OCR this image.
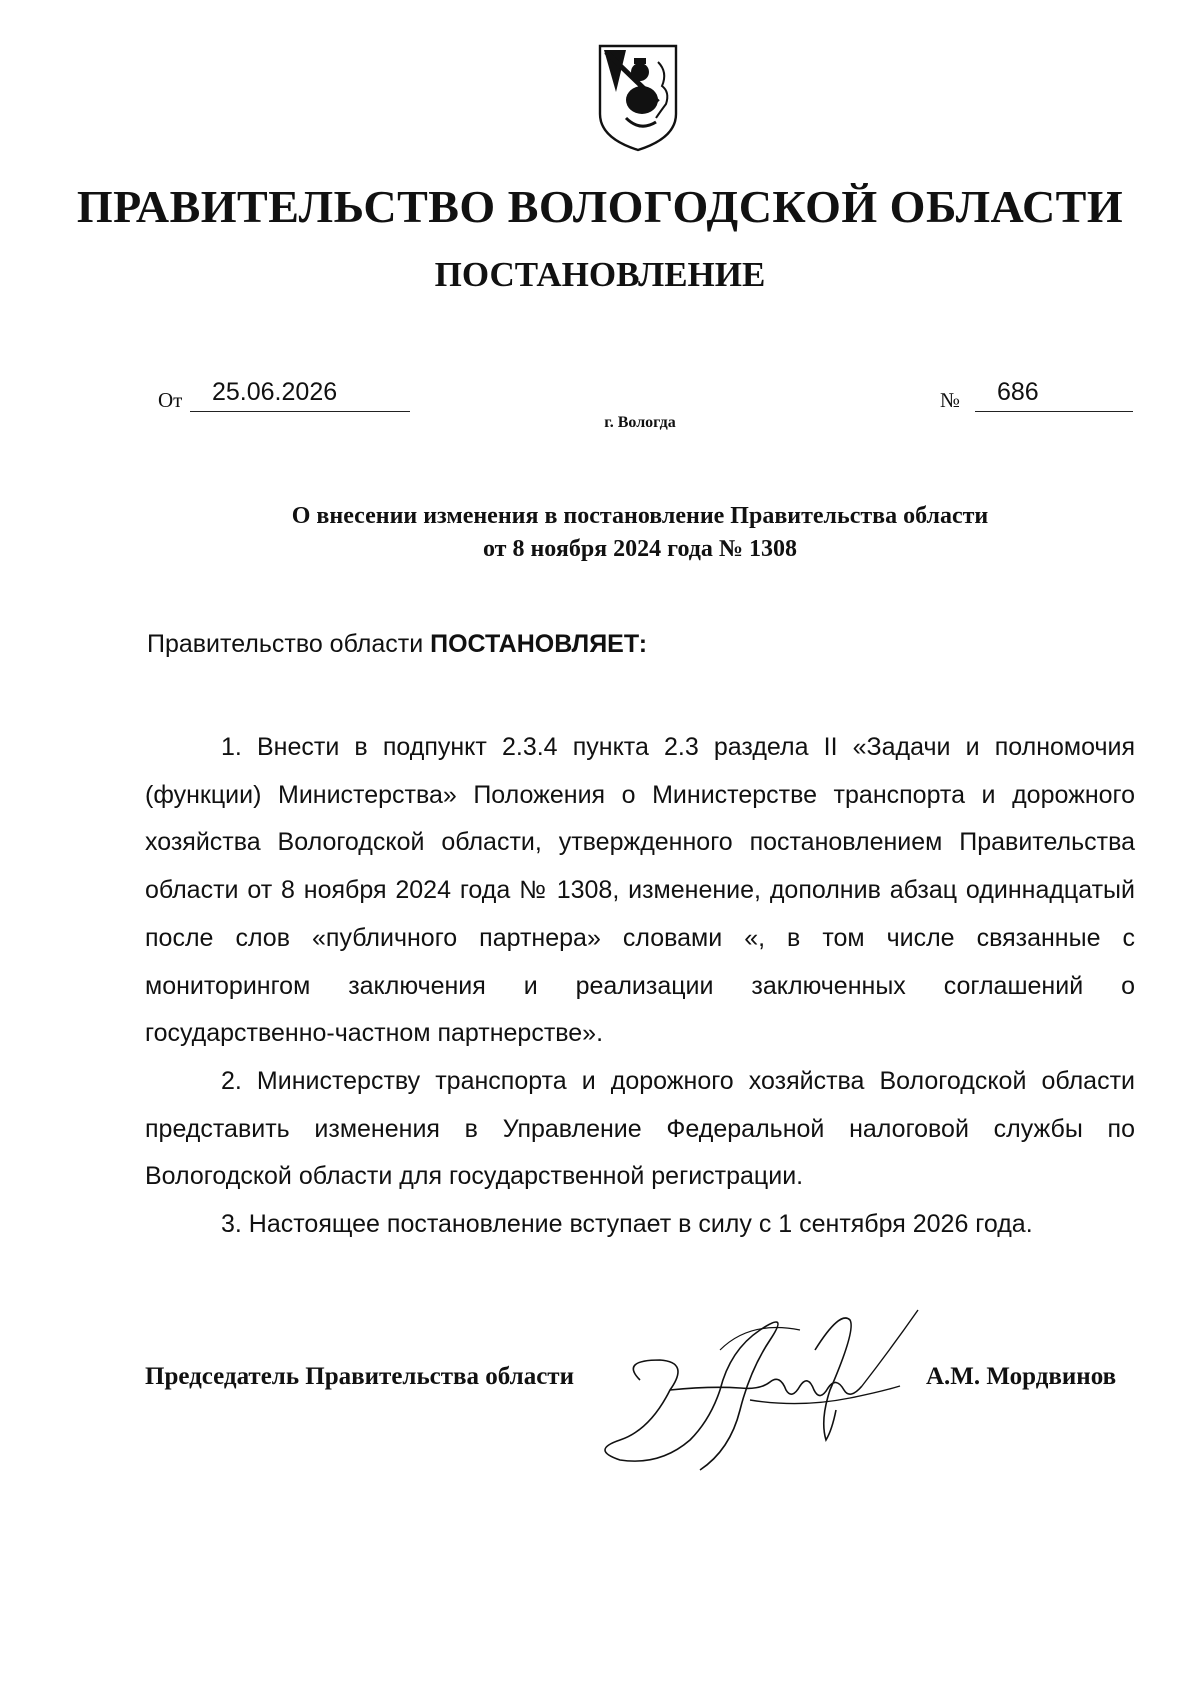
ПРАВИТЕЛЬСТВО ВОЛОГОДСКОЙ ОБЛАСТИ
ПОСТАНОВЛЕНИЕ
От	25.06.2026	№	686
г. Вологда
О внесении изменения в постановление Правительства области
от 8 ноября 2024 года № 1308
Правительство области ПОСТАНОВЛЯЕТ:

1. Внести в подпункт 2.3.4 пункта 2.3 раздела II «Задачи и полномочия (функции) Министерства» Положения о Министерстве транспорта и дорожного хозяйства Вологодской области, утвержденного постановлением Правительства области от 8 ноября 2024 года № 1308, изменение, дополнив абзац одиннадцатый после слов «публичного партнера» словами «, в том числе связанные с мониторингом заключения и реализации заключенных соглашений о государственно-частном партнерстве».

2. Министерству транспорта и дорожного хозяйства Вологодской области представить изменения в Управление Федеральной налоговой службы по Вологодской области для государственной регистрации.

3. Настоящее постановление вступает в силу с 1 сентября 2026 года.

Председатель Правительства области	А.М. Мордвинов
